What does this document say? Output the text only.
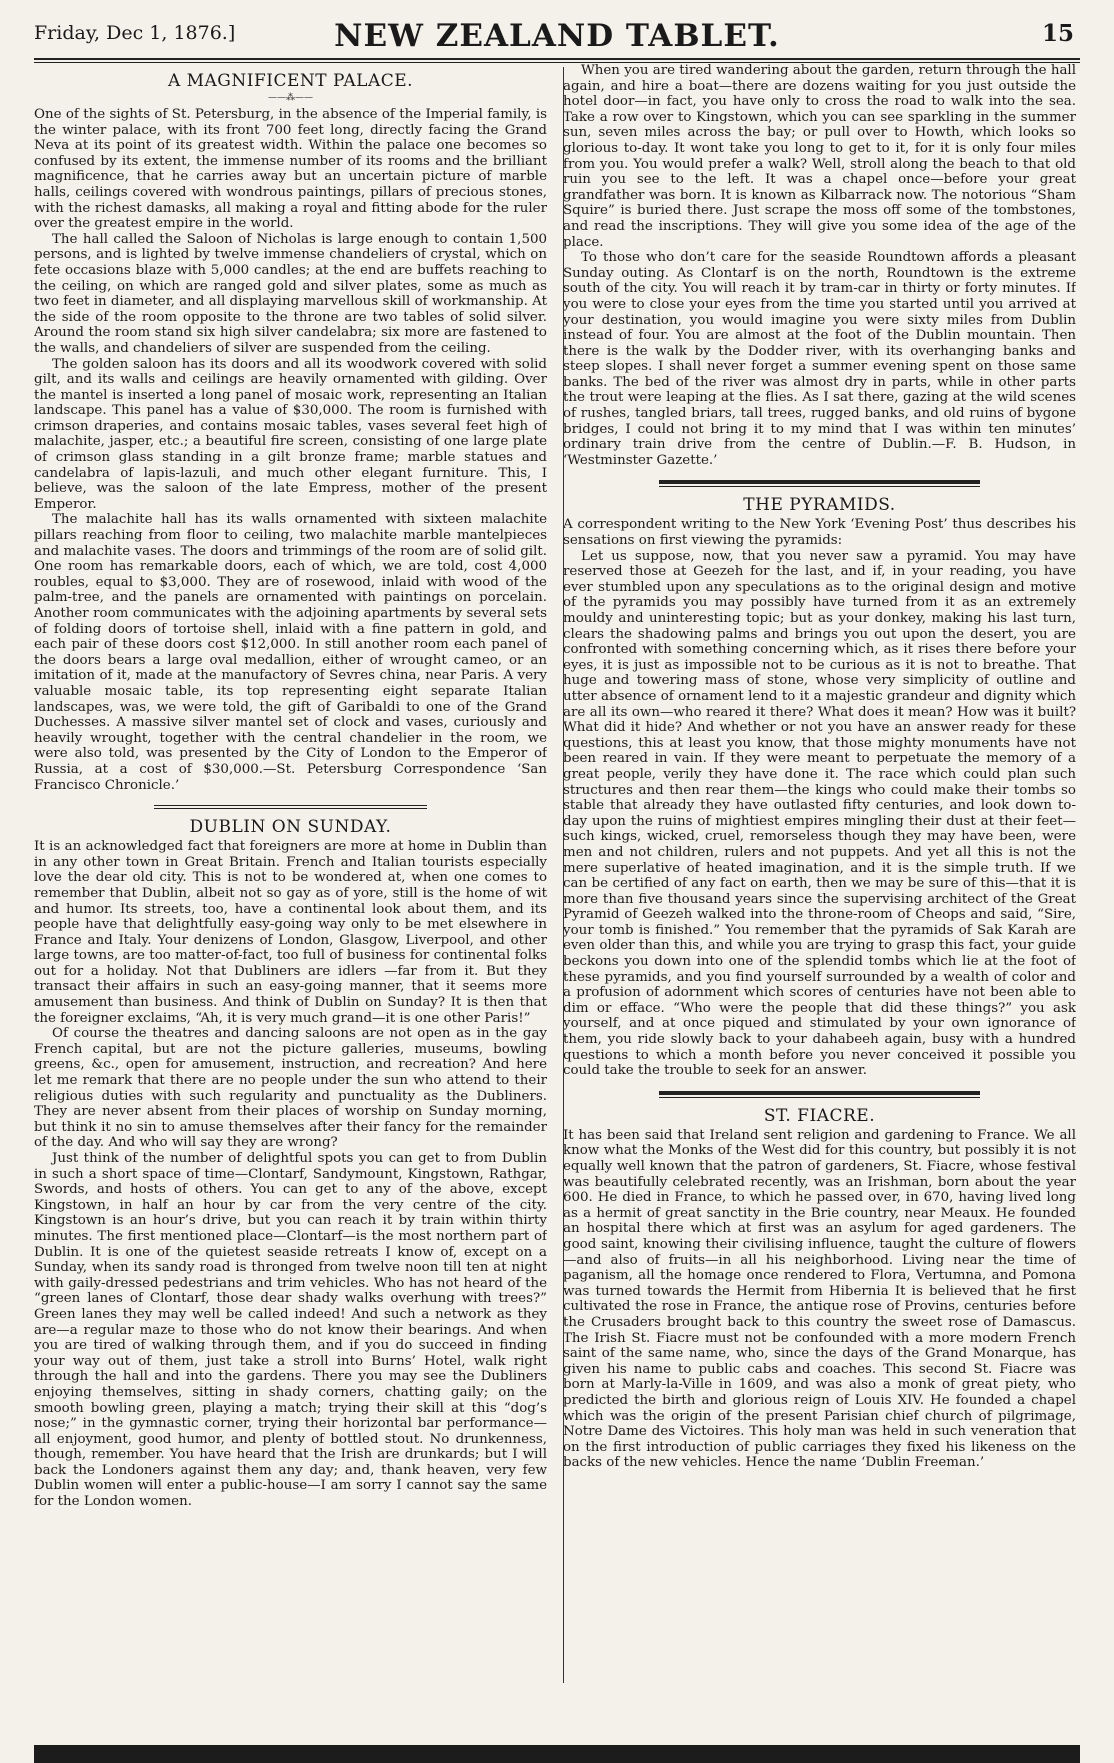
Friday, Dec 1, 1876.]	NEW ZEALAND TABLET.	15
A MAGNIFICENT PALACE.
——⁂——

One of the sights of St. Petersburg, in the absence of the Imperial family, is the winter palace, with its front 700 feet long, directly facing the Grand Neva at its point of its greatest width. Within the palace one becomes so confused by its extent, the immense number of its rooms and the brilliant magnificence, that he carries away but an uncertain picture of marble halls, ceilings covered with wondrous paintings, pillars of precious stones, with the richest damasks, all making a royal and fitting abode for the ruler over the greatest empire in the world.

The hall called the Saloon of Nicholas is large enough to contain 1,500 persons, and is lighted by twelve immense chandeliers of crystal, which on fete occasions blaze with 5,000 candles; at the end are buffets reaching to the ceiling, on which are ranged gold and silver plates, some as much as two feet in diameter, and all displaying marvellous skill of workmanship. At the side of the room opposite to the throne are two tables of solid silver. Around the room stand six high silver candelabra; six more are fastened to the walls, and chandeliers of silver are suspended from the ceiling.

The golden saloon has its doors and all its woodwork covered with solid gilt, and its walls and ceilings are heavily ornamented with gilding. Over the mantel is inserted a long panel of mosaic work, representing an Italian landscape. This panel has a value of $30,000. The room is furnished with crimson draperies, and contains mosaic tables, vases several feet high of malachite, jasper, etc.; a beautiful fire screen, consisting of one large plate of crimson glass standing in a gilt bronze frame; marble statues and candelabra of lapis-lazuli, and much other elegant furniture. This, I believe, was the saloon of the late Empress, mother of the present Emperor.

The malachite hall has its walls ornamented with sixteen malachite pillars reaching from floor to ceiling, two malachite marble mantelpieces and malachite vases. The doors and trimmings of the room are of solid gilt. One room has remarkable doors, each of which, we are told, cost 4,000 roubles, equal to $3,000. They are of rosewood, inlaid with wood of the palm-tree, and the panels are ornamented with paintings on porcelain. Another room communicates with the adjoining apartments by several sets of folding doors of tortoise shell, inlaid with a fine pattern in gold, and each pair of these doors cost $12,000. In still another room each panel of the doors bears a large oval medallion, either of wrought cameo, or an imitation of it, made at the manufactory of Sevres china, near Paris. A very valuable mosaic table, its top representing eight separate Italian landscapes, was, we were told, the gift of Garibaldi to one of the Grand Duchesses. A massive silver mantel set of clock and vases, curiously and heavily wrought, together with the central chandelier in the room, we were also told, was presented by the City of London to the Emperor of Russia, at a cost of $30,000.—St. Petersburg Correspondence ‘San Francisco Chronicle.’

DUBLIN ON SUNDAY.

It is an acknowledged fact that foreigners are more at home in Dublin than in any other town in Great Britain. French and Italian tourists especially love the dear old city. This is not to be wondered at, when one comes to remember that Dublin, albeit not so gay as of yore, still is the home of wit and humor. Its streets, too, have a continental look about them, and its people have that delightfully easy-going way only to be met elsewhere in France and Italy. Your denizens of London, Glasgow, Liverpool, and other large towns, are too matter-of-fact, too full of business for continental folks out for a holiday. Not that Dubliners are idlers —far from it. But they transact their affairs in such an easy-going manner, that it seems more amusement than business. And think of Dublin on Sunday? It is then that the foreigner exclaims, “Ah, it is very much grand—it is one other Paris!”

Of course the theatres and dancing saloons are not open as in the gay French capital, but are not the picture galleries, museums, bowling greens, &c., open for amusement, instruction, and recreation? And here let me remark that there are no people under the sun who attend to their religious duties with such regularity and punctuality as the Dubliners. They are never absent from their places of worship on Sunday morning, but think it no sin to amuse themselves after their fancy for the remainder of the day. And who will say they are wrong?

Just think of the number of delightful spots you can get to from Dublin in such a short space of time—Clontarf, Sandymount, Kingstown, Rathgar, Swords, and hosts of others. You can get to any of the above, except Kingstown, in half an hour by car from the very centre of the city. Kingstown is an hour’s drive, but you can reach it by train within thirty minutes. The first mentioned place—Clontarf—is the most northern part of Dublin. It is one of the quietest seaside retreats I know of, except on a Sunday, when its sandy road is thronged from twelve noon till ten at night with gaily-dressed pedestrians and trim vehicles. Who has not heard of the “green lanes of Clontarf, those dear shady walks overhung with trees?” Green lanes they may well be called indeed! And such a network as they are—a regular maze to those who do not know their bearings. And when you are tired of walking through them, and if you do succeed in finding your way out of them, just take a stroll into Burns’ Hotel, walk right through the hall and into the gardens. There you may see the Dubliners enjoying themselves, sitting in shady corners, chatting gaily; on the smooth bowling green, playing a match; trying their skill at this “dog’s nose;” in the gymnastic corner, trying their horizontal bar performance—all enjoyment, good humor, and plenty of bottled stout. No drunkenness, though, remember. You have heard that the Irish are drunkards; but I will back the Londoners against them any day; and, thank heaven, very few Dublin women will enter a public-house—I am sorry I cannot say the same for the London women.

When you are tired wandering about the garden, return through the hall again, and hire a boat—there are dozens waiting for you just outside the hotel door—in fact, you have only to cross the road to walk into the sea. Take a row over to Kingstown, which you can see sparkling in the summer sun, seven miles across the bay; or pull over to Howth, which looks so glorious to-day. It wont take you long to get to it, for it is only four miles from you. You would prefer a walk? Well, stroll along the beach to that old ruin you see to the left. It was a chapel once—before your great grandfather was born. It is known as Kilbarrack now. The notorious “Sham Squire” is buried there. Just scrape the moss off some of the tombstones, and read the inscriptions. They will give you some idea of the age of the place.

To those who don’t care for the seaside Roundtown affords a pleasant Sunday outing. As Clontarf is on the north, Roundtown is the extreme south of the city. You will reach it by tram-car in thirty or forty minutes. If you were to close your eyes from the time you started until you arrived at your destination, you would imagine you were sixty miles from Dublin instead of four. You are almost at the foot of the Dublin mountain. Then there is the walk by the Dodder river, with its overhanging banks and steep slopes. I shall never forget a summer evening spent on those same banks. The bed of the river was almost dry in parts, while in other parts the trout were leaping at the flies. As I sat there, gazing at the wild scenes of rushes, tangled briars, tall trees, rugged banks, and old ruins of bygone bridges, I could not bring it to my mind that I was within ten minutes’ ordinary train drive from the centre of Dublin.—F. B. Hudson, in ‘Westminster Gazette.’

THE PYRAMIDS.

A correspondent writing to the New York ‘Evening Post’ thus describes his sensations on first viewing the pyramids:

Let us suppose, now, that you never saw a pyramid. You may have reserved those at Geezeh for the last, and if, in your reading, you have ever stumbled upon any speculations as to the original design and motive of the pyramids you may possibly have turned from it as an extremely mouldy and uninteresting topic; but as your donkey, making his last turn, clears the shadowing palms and brings you out upon the desert, you are confronted with something concerning which, as it rises there before your eyes, it is just as impossible not to be curious as it is not to breathe. That huge and towering mass of stone, whose very simplicity of outline and utter absence of ornament lend to it a majestic grandeur and dignity which are all its own—who reared it there? What does it mean? How was it built? What did it hide? And whether or not you have an answer ready for these questions, this at least you know, that those mighty monuments have not been reared in vain. If they were meant to perpetuate the memory of a great people, verily they have done it. The race which could plan such structures and then rear them—the kings who could make their tombs so stable that already they have outlasted fifty centuries, and look down to-day upon the ruins of mightiest empires mingling their dust at their feet—such kings, wicked, cruel, remorseless though they may have been, were men and not children, rulers and not puppets. And yet all this is not the mere superlative of heated imagination, and it is the simple truth. If we can be certified of any fact on earth, then we may be sure of this—that it is more than five thousand years since the supervising architect of the Great Pyramid of Geezeh walked into the throne-room of Cheops and said, “Sire, your tomb is finished.” You remember that the pyramids of Sak Karah are even older than this, and while you are trying to grasp this fact, your guide beckons you down into one of the splendid tombs which lie at the foot of these pyramids, and you find yourself surrounded by a wealth of color and a profusion of adornment which scores of centuries have not been able to dim or efface. “Who were the people that did these things?” you ask yourself, and at once piqued and stimulated by your own ignorance of them, you ride slowly back to your dahabeeh again, busy with a hundred questions to which a month before you never conceived it possible you could take the trouble to seek for an answer.

ST. FIACRE.

It has been said that Ireland sent religion and gardening to France. We all know what the Monks of the West did for this country, but possibly it is not equally well known that the patron of gardeners, St. Fiacre, whose festival was beautifully celebrated recently, was an Irishman, born about the year 600. He died in France, to which he passed over, in 670, having lived long as a hermit of great sanctity in the Brie country, near Meaux. He founded an hospital there which at first was an asylum for aged gardeners. The good saint, knowing their civilising influence, taught the culture of flowers—and also of fruits—in all his neighborhood. Living near the time of paganism, all the homage once rendered to Flora, Vertumna, and Pomona was turned towards the Hermit from Hibernia It is believed that he first cultivated the rose in France, the antique rose of Provins, centuries before the Crusaders brought back to this country the sweet rose of Damascus. The Irish St. Fiacre must not be confounded with a more modern French saint of the same name, who, since the days of the Grand Monarque, has given his name to public cabs and coaches. This second St. Fiacre was born at Marly-la-Ville in 1609, and was also a monk of great piety, who predicted the birth and glorious reign of Louis XIV. He founded a chapel which was the origin of the present Parisian chief church of pilgrimage, Notre Dame des Victoires. This holy man was held in such veneration that on the first introduction of public carriages they fixed his likeness on the backs of the new vehicles. Hence the name ‘Dublin Freeman.’
